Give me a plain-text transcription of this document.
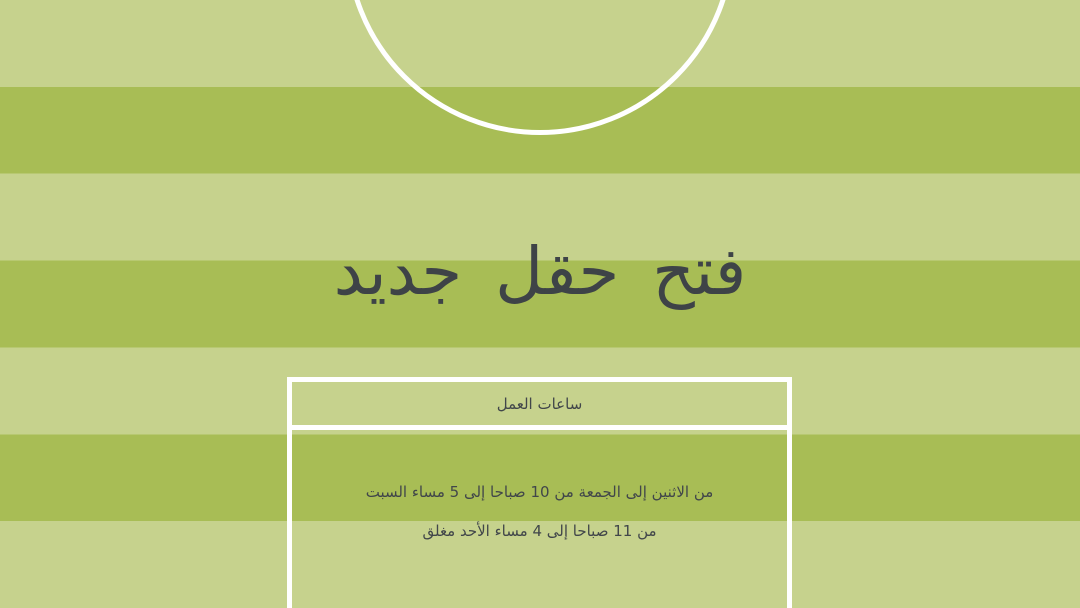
فتح حقل جديد
ساعات العمل

من الاثنين إلى الجمعة من 10 صباحا إلى 5 مساء السبت

من 11 صباحا إلى 4 مساء الأحد مغلق
